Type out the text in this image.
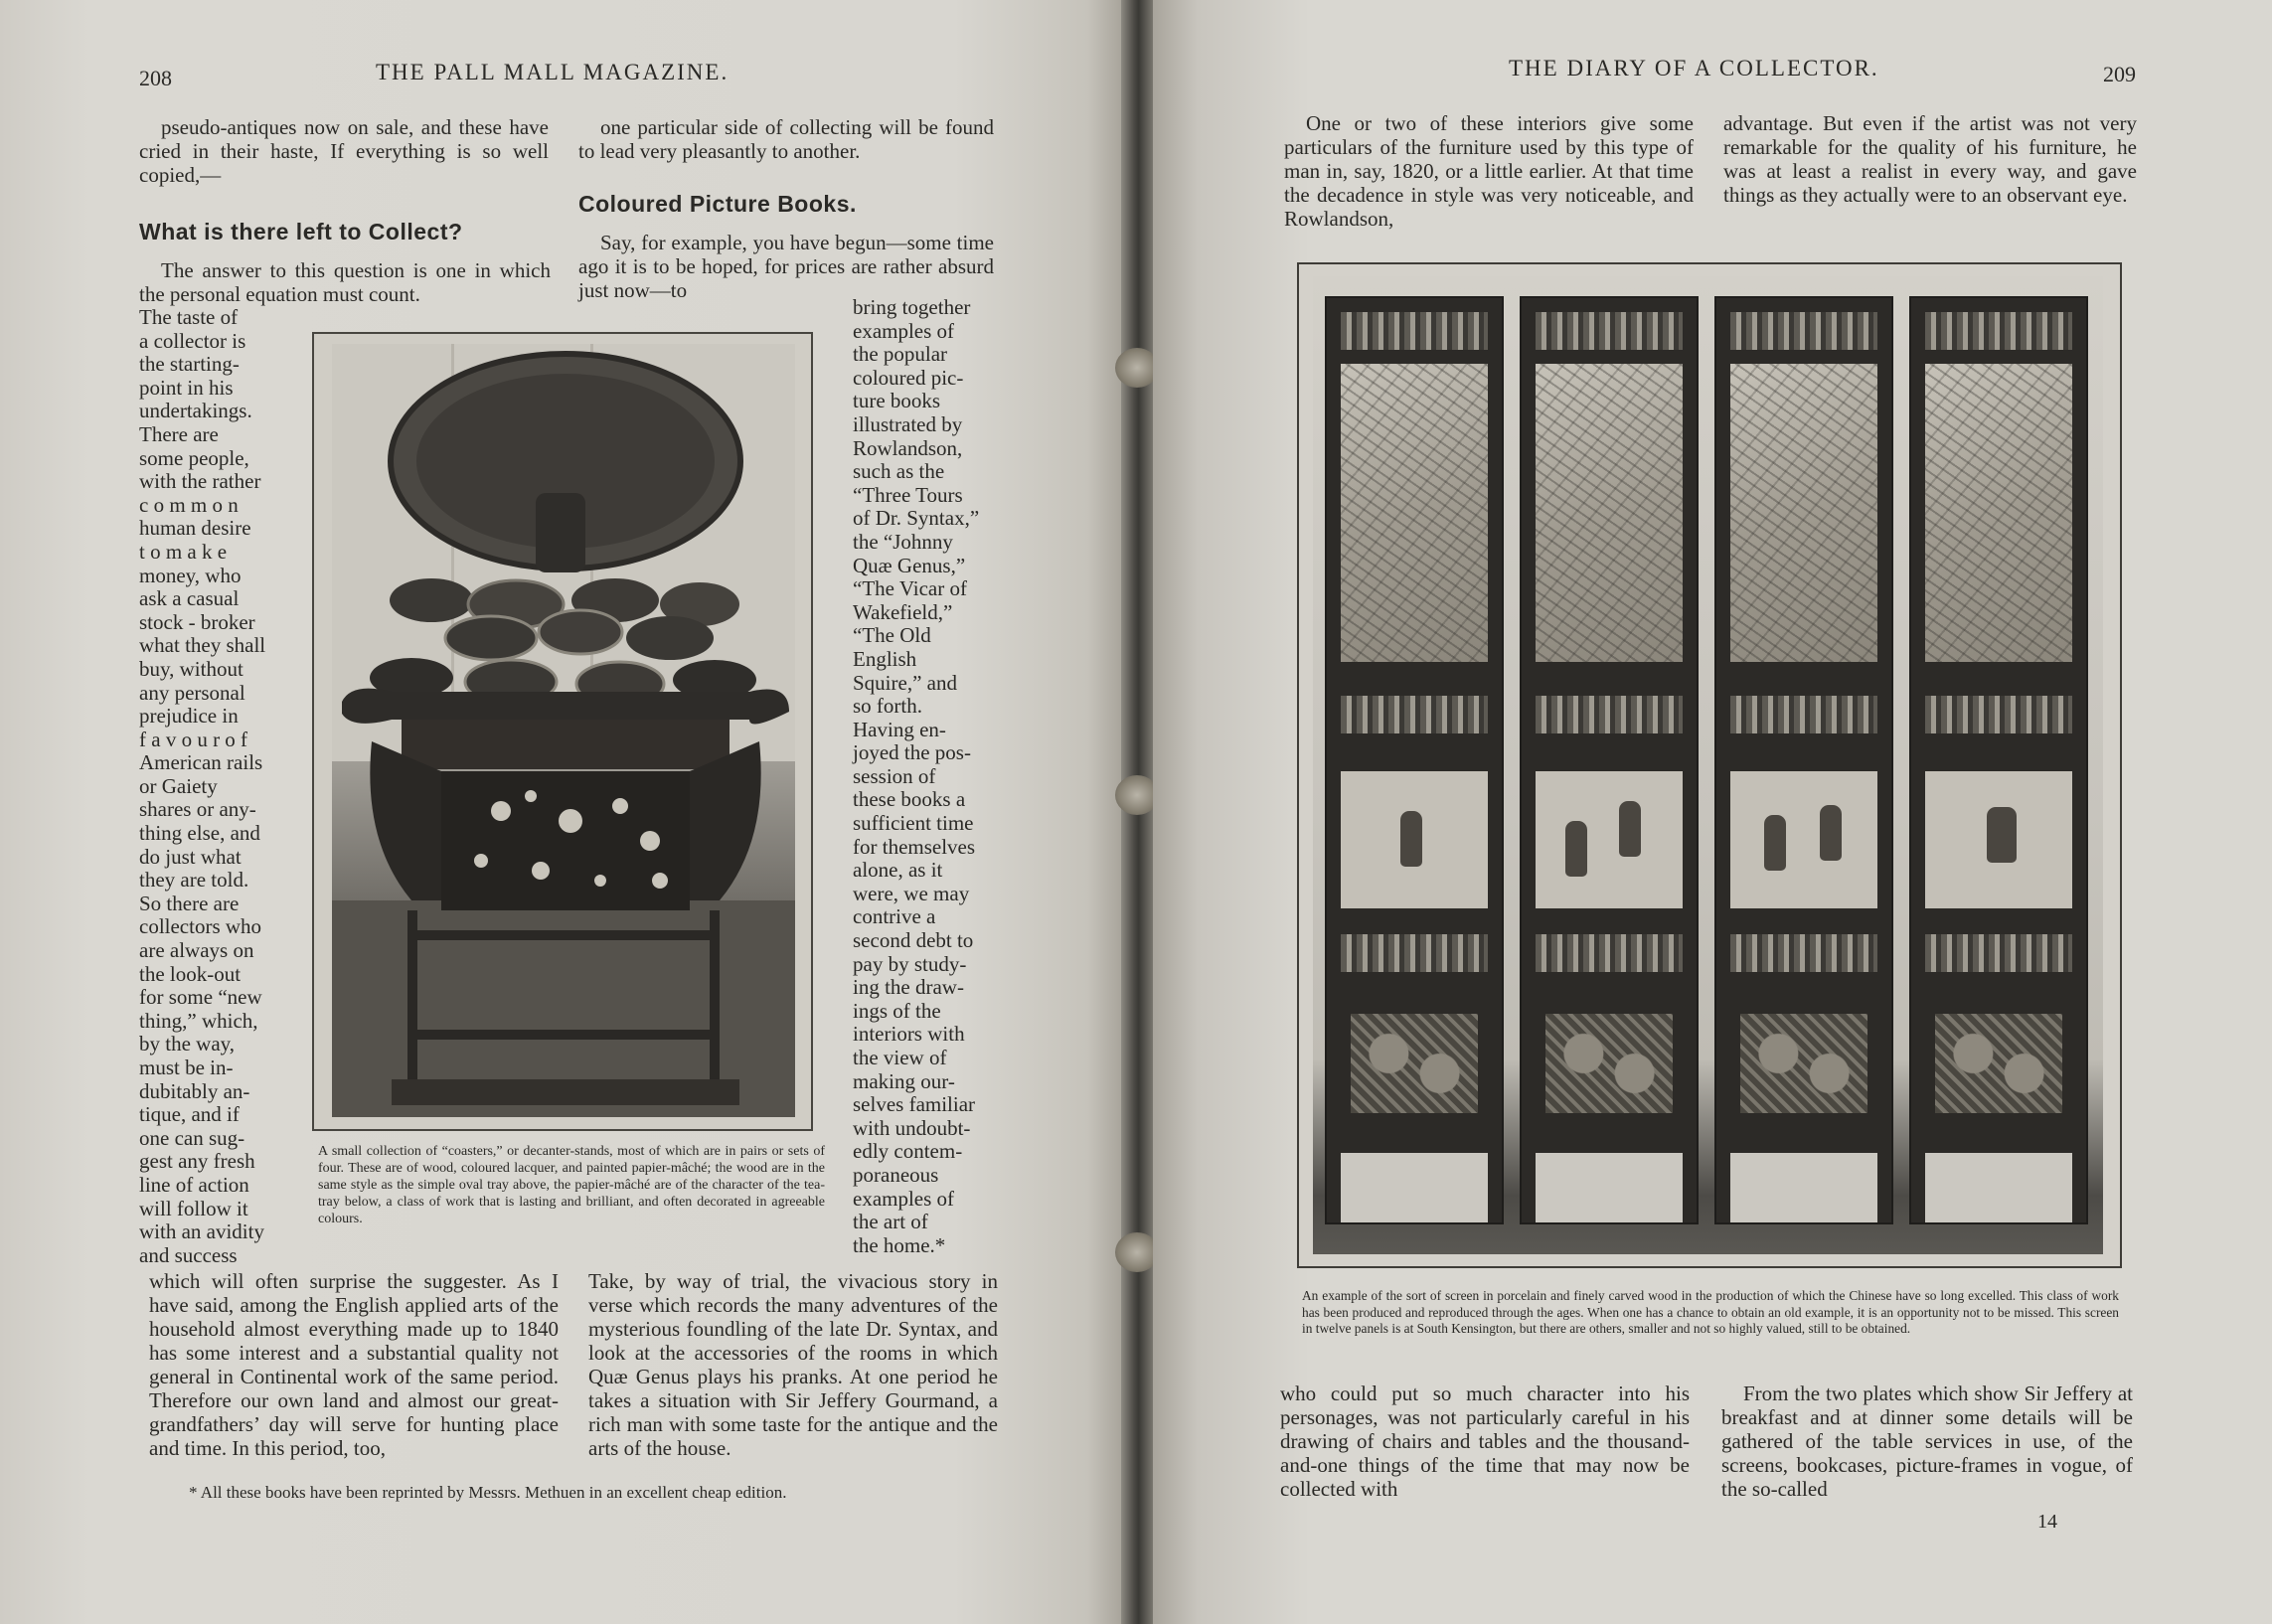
208	THE PALL MALL MAGAZINE.

pseudo-antiques now on sale, and these have cried in their haste, If everything is so well copied,—

What is there left to Collect?

The answer to this question is one in which the personal equation must count.

The taste of
a collector is
the starting-
point in his
undertakings.
There are
some people,
with the rather
c o m m o n
human desire
t o m a k e
money, who
ask a casual
stock - broker
what they shall
buy, without
any personal
prejudice in
f a v o u r o f
American rails
or Gaiety
shares or any-
thing else, and
do just what
they are told.
So there are
collectors who
are always on
the look-out
for some “new
thing,” which,
by the way,
must be in-
dubitably an-
tique, and if
one can sug-
gest any fresh
line of action
will follow it
with an avidity
and success

which will often surprise the suggester. As I have said, among the English applied arts of the household almost everything made up to 1840 has some interest and a substantial quality not general in Continental work of the same period. Therefore our own land and almost our great-grandfathers’ day will serve for hunting place and time. In this period, too,

one particular side of collecting will be found to lead very pleasantly to another.

Coloured Picture Books.

Say, for example, you have begun—some time ago it is to be hoped, for prices are rather absurd just now—to

bring together
examples of
the popular
coloured pic-
ture books
illustrated by
Rowlandson,
such as the
“Three Tours
of Dr. Syntax,”
the “Johnny
Quæ Genus,”
“The Vicar of
Wakefield,”
“The Old
English
Squire,” and
so forth.
Having en-
joyed the pos-
session of
these books a
sufficient time
for themselves
alone, as it
were, we may
contrive a
second debt to
pay by study-
ing the draw-
ings of the
interiors with
the view of
making our-
selves familiar
with undoubt-
edly contem-
poraneous
examples of
the art of
the home.*

Take, by way of trial, the vivacious story in verse which records the many adventures of the mysterious foundling of the late Dr. Syntax, and look at the accessories of the rooms in which Quæ Genus plays his pranks. At one period he takes a situation with Sir Jeffery Gourmand, a rich man with some taste for the antique and the arts of the house.

A small collection of “coasters,” or decanter-stands, most of which are in pairs or sets of four. These are of wood, coloured lacquer, and painted papier-mâché; the wood are in the same style as the simple oval tray above, the papier-mâché are of the character of the tea-tray below, a class of work that is lasting and brilliant, and often decorated in agreeable colours.
* All these books have been reprinted by Messrs. Methuen in an excellent cheap edition.
THE DIARY OF A COLLECTOR.	209

One or two of these interiors give some particulars of the furniture used by this type of man in, say, 1820, or a little earlier. At that time the decadence in style was very noticeable, and Rowlandson,

advantage. But even if the artist was not very remarkable for the quality of his furniture, he was at least a realist in every way, and gave things as they actually were to an observant eye.

An example of the sort of screen in porcelain and finely carved wood in the production of which the Chinese have so long excelled. This class of work has been produced and reproduced through the ages. When one has a chance to obtain an old example, it is an opportunity not to be missed. This screen in twelve panels is at South Kensington, but there are others, smaller and not so highly valued, still to be obtained.

who could put so much character into his personages, was not particularly careful in his drawing of chairs and tables and the thousand-and-one things of the time that may now be collected with

From the two plates which show Sir Jeffery at breakfast and at dinner some details will be gathered of the table services in use, of the screens, bookcases, picture-frames in vogue, of the so-called

14
